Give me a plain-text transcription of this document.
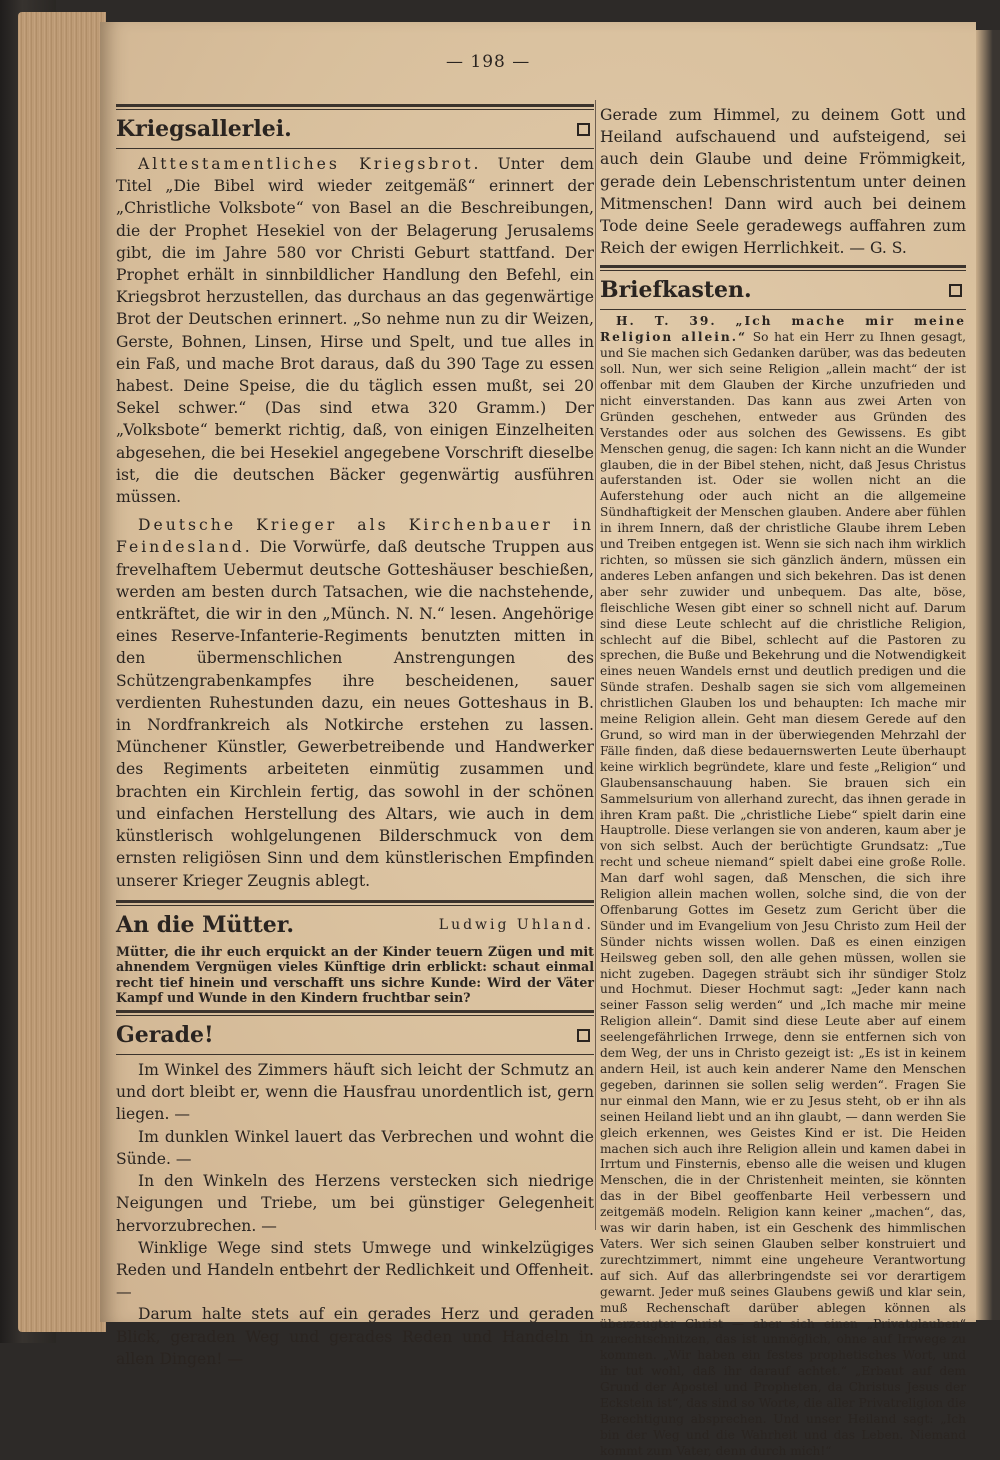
— 198 —
Kriegsallerlei.

Alttestamentliches Kriegsbrot. Unter dem Titel „Die Bibel wird wieder zeitgemäß“ erinnert der „Christliche Volksbote“ von Basel an die Beschreibungen, die der Prophet Hesekiel von der Belagerung Jerusalems gibt, die im Jahre 580 vor Christi Geburt stattfand. Der Prophet erhält in sinnbildlicher Handlung den Befehl, ein Kriegsbrot herzustellen, das durchaus an das gegenwärtige Brot der Deutschen erinnert. „So nehme nun zu dir Weizen, Gerste, Bohnen, Linsen, Hirse und Spelt, und tue alles in ein Faß, und mache Brot daraus, daß du 390 Tage zu essen habest. Deine Speise, die du täglich essen mußt, sei 20 Sekel schwer.“ (Das sind etwa 320 Gramm.) Der „Volksbote“ bemerkt richtig, daß, von einigen Einzelheiten abgesehen, die bei Hesekiel angegebene Vorschrift dieselbe ist, die die deutschen Bäcker gegenwärtig ausführen müssen.

Deutsche Krieger als Kirchenbauer in Feindesland. Die Vorwürfe, daß deutsche Truppen aus frevelhaftem Uebermut deutsche Gotteshäuser beschießen, werden am besten durch Tatsachen, wie die nachstehende, entkräftet, die wir in den „Münch. N. N.“ lesen. Angehörige eines Reserve-Infanterie-Regiments benutzten mitten in den übermenschlichen Anstrengungen des Schützengrabenkampfes ihre bescheidenen, sauer verdienten Ruhestunden dazu, ein neues Gotteshaus in B. in Nordfrankreich als Notkirche erstehen zu lassen. Münchener Künstler, Gewerbetreibende und Handwerker des Regiments arbeiteten einmütig zusammen und brachten ein Kirchlein fertig, das sowohl in der schönen und einfachen Herstellung des Altars, wie auch in dem künstlerisch wohlgelungenen Bilderschmuck von dem ernsten religiösen Sinn und dem künstlerischen Empfinden unserer Krieger Zeugnis ablegt.

An die Mütter.	Ludwig Uhland.
Mütter, die ihr euch erquickt an der Kinder teuern Zügen und mit ahnendem Vergnügen vieles Künftige drin erblickt: schaut einmal recht tief hinein und verschafft uns sichre Kunde: Wird der Väter Kampf und Wunde in den Kindern fruchtbar sein?
Gerade!

Im Winkel des Zimmers häuft sich leicht der Schmutz an und dort bleibt er, wenn die Hausfrau unordentlich ist, gern liegen. —

Im dunklen Winkel lauert das Verbrechen und wohnt die Sünde. —

In den Winkeln des Herzens verstecken sich niedrige Neigungen und Triebe, um bei günstiger Gelegenheit hervorzubrechen. —

Winklige Wege sind stets Umwege und winkelzügiges Reden und Handeln entbehrt der Redlichkeit und Offenheit. —

Darum halte stets auf ein gerades Herz und geraden Blick, geraden Weg und gerades Reden und Handeln in allen Dingen! —

Gerade zum Himmel, zu deinem Gott und Heiland aufschauend und aufsteigend, sei auch dein Glaube und deine Frömmigkeit, gerade dein Lebenschristentum unter deinen Mitmenschen! Dann wird auch bei deinem Tode deine Seele geradewegs auffahren zum Reich der ewigen Herrlichkeit. — G. S.

Briefkasten.

H. T. 39. „Ich mache mir meine Religion allein.“ So hat ein Herr zu Ihnen gesagt, und Sie machen sich Gedanken darüber, was das bedeuten soll. Nun, wer sich seine Religion „allein macht“ der ist offenbar mit dem Glauben der Kirche unzufrieden und nicht einverstanden. Das kann aus zwei Arten von Gründen geschehen, entweder aus Gründen des Verstandes oder aus solchen des Gewissens. Es gibt Menschen genug, die sagen: Ich kann nicht an die Wunder glauben, die in der Bibel stehen, nicht, daß Jesus Christus auferstanden ist. Oder sie wollen nicht an die Auferstehung oder auch nicht an die allgemeine Sündhaftigkeit der Menschen glauben. Andere aber fühlen in ihrem Innern, daß der christliche Glaube ihrem Leben und Treiben entgegen ist. Wenn sie sich nach ihm wirklich richten, so müssen sie sich gänzlich ändern, müssen ein anderes Leben anfangen und sich bekehren. Das ist denen aber sehr zuwider und unbequem. Das alte, böse, fleischliche Wesen gibt einer so schnell nicht auf. Darum sind diese Leute schlecht auf die christliche Religion, schlecht auf die Bibel, schlecht auf die Pastoren zu sprechen, die Buße und Bekehrung und die Notwendigkeit eines neuen Wandels ernst und deutlich predigen und die Sünde strafen. Deshalb sagen sie sich vom allgemeinen christlichen Glauben los und behaupten: Ich mache mir meine Religion allein. Geht man diesem Gerede auf den Grund, so wird man in der überwiegenden Mehrzahl der Fälle finden, daß diese bedauernswerten Leute überhaupt keine wirklich begründete, klare und feste „Religion“ und Glaubensanschauung haben. Sie brauen sich ein Sammelsurium von allerhand zurecht, das ihnen gerade in ihren Kram paßt. Die „christliche Liebe“ spielt darin eine Hauptrolle. Diese verlangen sie von anderen, kaum aber je von sich selbst. Auch der berüchtigte Grundsatz: „Tue recht und scheue niemand“ spielt dabei eine große Rolle. Man darf wohl sagen, daß Menschen, die sich ihre Religion allein machen wollen, solche sind, die von der Offenbarung Gottes im Gesetz zum Gericht über die Sünder und im Evangelium von Jesu Christo zum Heil der Sünder nichts wissen wollen. Daß es einen einzigen Heilsweg geben soll, den alle gehen müssen, wollen sie nicht zugeben. Dagegen sträubt sich ihr sündiger Stolz und Hochmut. Dieser Hochmut sagt: „Jeder kann nach seiner Fasson selig werden“ und „Ich mache mir meine Religion allein“. Damit sind diese Leute aber auf einem seelengefährlichen Irrwege, denn sie entfernen sich von dem Weg, der uns in Christo gezeigt ist: „Es ist in keinem andern Heil, ist auch kein anderer Name den Menschen gegeben, darinnen sie sollen selig werden“. Fragen Sie nur einmal den Mann, wie er zu Jesus steht, ob er ihn als seinen Heiland liebt und an ihn glaubt, — dann werden Sie gleich erkennen, wes Geistes Kind er ist. Die Heiden machen sich auch ihre Religion allein und kamen dabei in Irrtum und Finsternis, ebenso alle die weisen und klugen Menschen, die in der Christenheit meinten, sie könnten das in der Bibel geoffenbarte Heil verbessern und zeitgemäß modeln. Religion kann keiner „machen“, das, was wir darin haben, ist ein Geschenk des himmlischen Vaters. Wer sich seinen Glauben selber konstruiert und zurechtzimmert, nimmt eine ungeheure Verantwortung auf sich. Auf das allerbringendste sei vor derartigem gewarnt. Jeder muß seines Glaubens gewiß und klar sein, muß Rechenschaft darüber ablegen können als überzeugter Christ — aber sich einen „Privatglauben“ zurechtschnitzen, das ist unmöglich, ohne auf Irrwege zu kommen. „Wir haben ein festes prophetisches Wort, und ihr tut wohl, daß ihr darauf achtet.“ „Erbaut auf dem Grund der Apostel und Propheten, da Christus Jesus der Eckstein ist“, das sind so Worte, die aller Privatreligion die Berechtigung absprechen. Und unser Heiland sagt: „Ich bin der Weg und die Wahrheit und das Leben. Niemand kommt zum Vater, denn durch mich!“
